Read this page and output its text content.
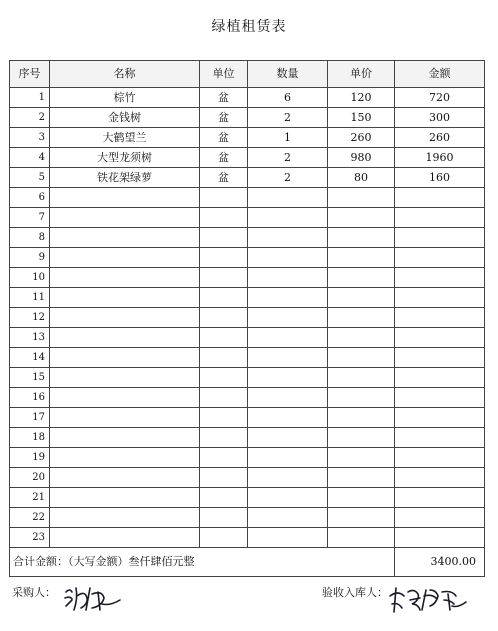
绿植租赁表
序号	名称	单位	数量	单价	金额
1	棕竹	盆	6	120	720
2	金钱树	盆	2	150	300
3	大鹤望兰	盆	1	260	260
4	大型龙须树	盆	2	980	1960
5	铁花架绿萝	盆	2	80	160
6					
7					
8					
9					
10					
11					
12					
13					
14					
15					
16					
17					
18					
19					
20					
21					
22					
23					
合计金额：（大写金额）叁仟肆佰元整					3400.00
采购人：	验收入库人：
